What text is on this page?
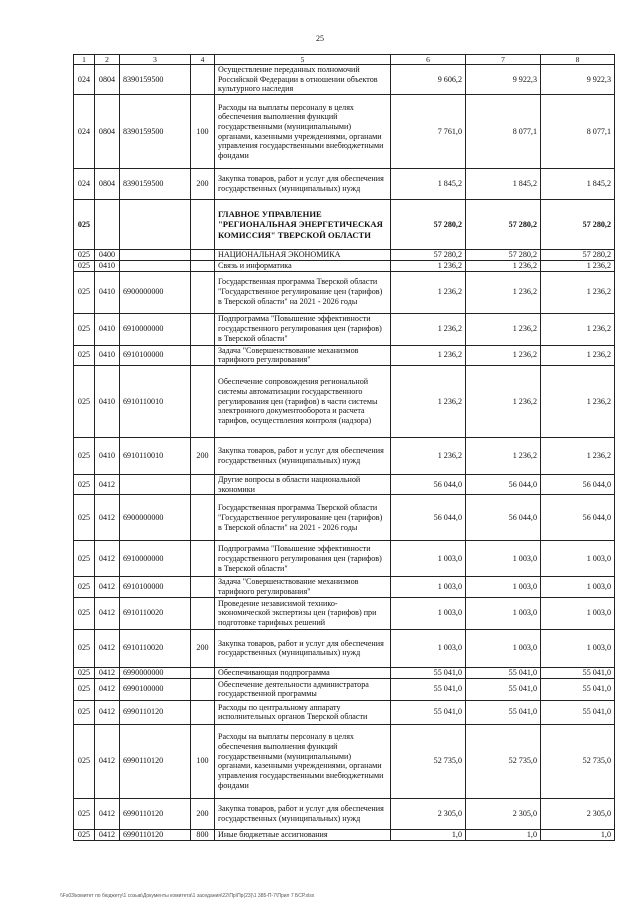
25
1	2	3	4	5	6	7	8
024	0804	8390159500		Осуществление переданных полномочий Российской Федерации в отношении объектов культурного наследия	9 606,2	9 922,3	9 922,3
024	0804	8390159500	100	Расходы на выплаты персоналу в целях обеспечения выполнения функций государственными (муниципальными) органами, казенными учреждениями, органами управления государственными внебюджетными фондами	7 761,0	8 077,1	8 077,1
024	0804	8390159500	200	Закупка товаров, работ и услуг для обеспечения государственных (муниципальных) нужд	1 845,2	1 845,2	1 845,2
025				ГЛАВНОЕ УПРАВЛЕНИЕ "РЕГИОНАЛЬНАЯ ЭНЕРГЕТИЧЕСКАЯ КОМИССИЯ" ТВЕРСКОЙ ОБЛАСТИ	57 280,2	57 280,2	57 280,2
025	0400			НАЦИОНАЛЬНАЯ ЭКОНОМИКА	57 280,2	57 280,2	57 280,2
025	0410			Связь и информатика	1 236,2	1 236,2	1 236,2
025	0410	6900000000		Государственная программа Тверской области "Государственное регулирование цен (тарифов) в Тверской области" на 2021 - 2026 годы	1 236,2	1 236,2	1 236,2
025	0410	6910000000		Подпрограмма "Повышение эффективности государственного регулирования цен (тарифов) в Тверской области"	1 236,2	1 236,2	1 236,2
025	0410	6910100000		Задача "Совершенствование механизмов тарифного регулирования"	1 236,2	1 236,2	1 236,2
025	0410	6910110010		Обеспечение сопровождения региональной системы автоматизации государственного регулирования цен (тарифов) в части системы электронного документооборота и расчета тарифов, осуществления контроля (надзора)	1 236,2	1 236,2	1 236,2
025	0410	6910110010	200	Закупка товаров, работ и услуг для обеспечения государственных (муниципальных) нужд	1 236,2	1 236,2	1 236,2
025	0412			Другие вопросы в области национальной экономики	56 044,0	56 044,0	56 044,0
025	0412	6900000000		Государственная программа Тверской области "Государственное регулирование цен (тарифов) в Тверской области" на 2021 - 2026 годы	56 044,0	56 044,0	56 044,0
025	0412	6910000000		Подпрограмма "Повышение эффективности государственного регулирования цен (тарифов) в Тверской области"	1 003,0	1 003,0	1 003,0
025	0412	6910100000		Задача "Совершенствование механизмов тарифного регулирования"	1 003,0	1 003,0	1 003,0
025	0412	6910110020		Проведение независимой технико-экономической экспертизы цен (тарифов) при подготовке тарифных решений	1 003,0	1 003,0	1 003,0
025	0412	6910110020	200	Закупка товаров, работ и услуг для обеспечения государственных (муниципальных) нужд	1 003,0	1 003,0	1 003,0
025	0412	6990000000		Обеспечивающая подпрограмма	55 041,0	55 041,0	55 041,0
025	0412	6990100000		Обеспечение деятельности администратора государственной программы	55 041,0	55 041,0	55 041,0
025	0412	6990110120		Расходы по центральному аппарату исполнительных органов Тверской области	55 041,0	55 041,0	55 041,0
025	0412	6990110120	100	Расходы на выплаты персоналу в целях обеспечения выполнения функций государственными (муниципальными) органами, казенными учреждениями, органами управления государственными внебюджетными фондами	52 735,0	52 735,0	52 735,0
025	0412	6990110120	200	Закупка товаров, работ и услуг для обеспечения государственных (муниципальных) нужд	2 305,0	2 305,0	2 305,0
025	0412	6990110120	800	Иные бюджетные ассигнования	1,0	1,0	1,0
\\Fs03\комитет по бюджету\1 созыв\Документы комитета\1 заседания\22\Пр\Пр(23)\1 385-П-7\Прил 7 БСР.xlsx
